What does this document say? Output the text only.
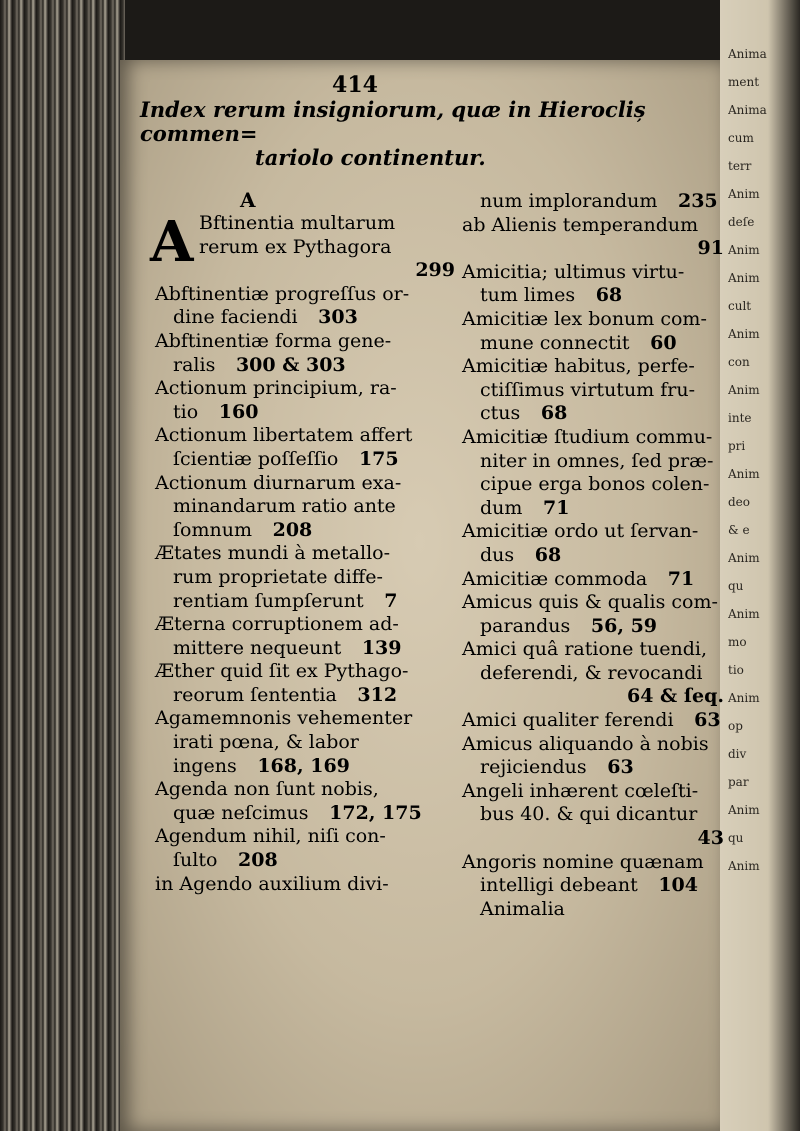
414
Index rerum insigniorum, quæ in Hierocliș commen=
tariolo continentur.
A
A Bftinentia multarum
rerum ex Pythagora
299
Abftinentiæ progreſſus or-
dine faciendi 303
Abftinentiæ forma gene-
ralis 300 & 303
Actionum principium, ra-
tio 160
Actionum libertatem affert
ſcientiæ poſſeſſio 175
Actionum diurnarum exa-
minandarum ratio ante
ſomnum 208
Ætates mundi à metallo-
rum proprietate diffe-
rentiam ſumpſerunt 7
Æterna corruptionem ad-
mittere nequeunt 139
Æther quid ſit ex Pythago-
reorum ſententia 312
Agamemnonis vehementer
irati pœna, & labor
ingens 168, 169
Agenda non ſunt nobis,
quæ neſcimus 172, 175
Agendum nihil, niſi con-
ſulto 208
in Agendo auxilium divi-
num implorandum 235
ab Alienis temperandum
91
Amicitia; ultimus virtu-
tum limes 68
Amicitiæ lex bonum com-
mune connectit 60
Amicitiæ habitus, perfe-
ctiſſimus virtutum fru-
ctus 68
Amicitiæ ſtudium commu-
niter in omnes, ſed præ-
cipue erga bonos colen-
dum 71
Amicitiæ ordo ut ſervan-
dus 68
Amicitiæ commoda 71
Amicus quis & qualis com-
parandus 56, 59
Amici quâ ratione tuendi,
deferendi, & revocandi
64 & ſeq.
Amici qualiter ferendi 63
Amicus aliquando à nobis
rejiciendus 63
Angeli inhærent cœleſti-
bus 40. & qui dicantur
43
Angoris nomine quænam
intelligi debeant 104
Animalia
Anima
ment
Anima
cum
terr
Anim
deſe
Anim
Anim
cult
Anim
con
Anim
inte
pri
Anim
deo
& e
Anim
qu
Anim
mo
tio
Anim
op
div
par
Anim
qu
Anim
